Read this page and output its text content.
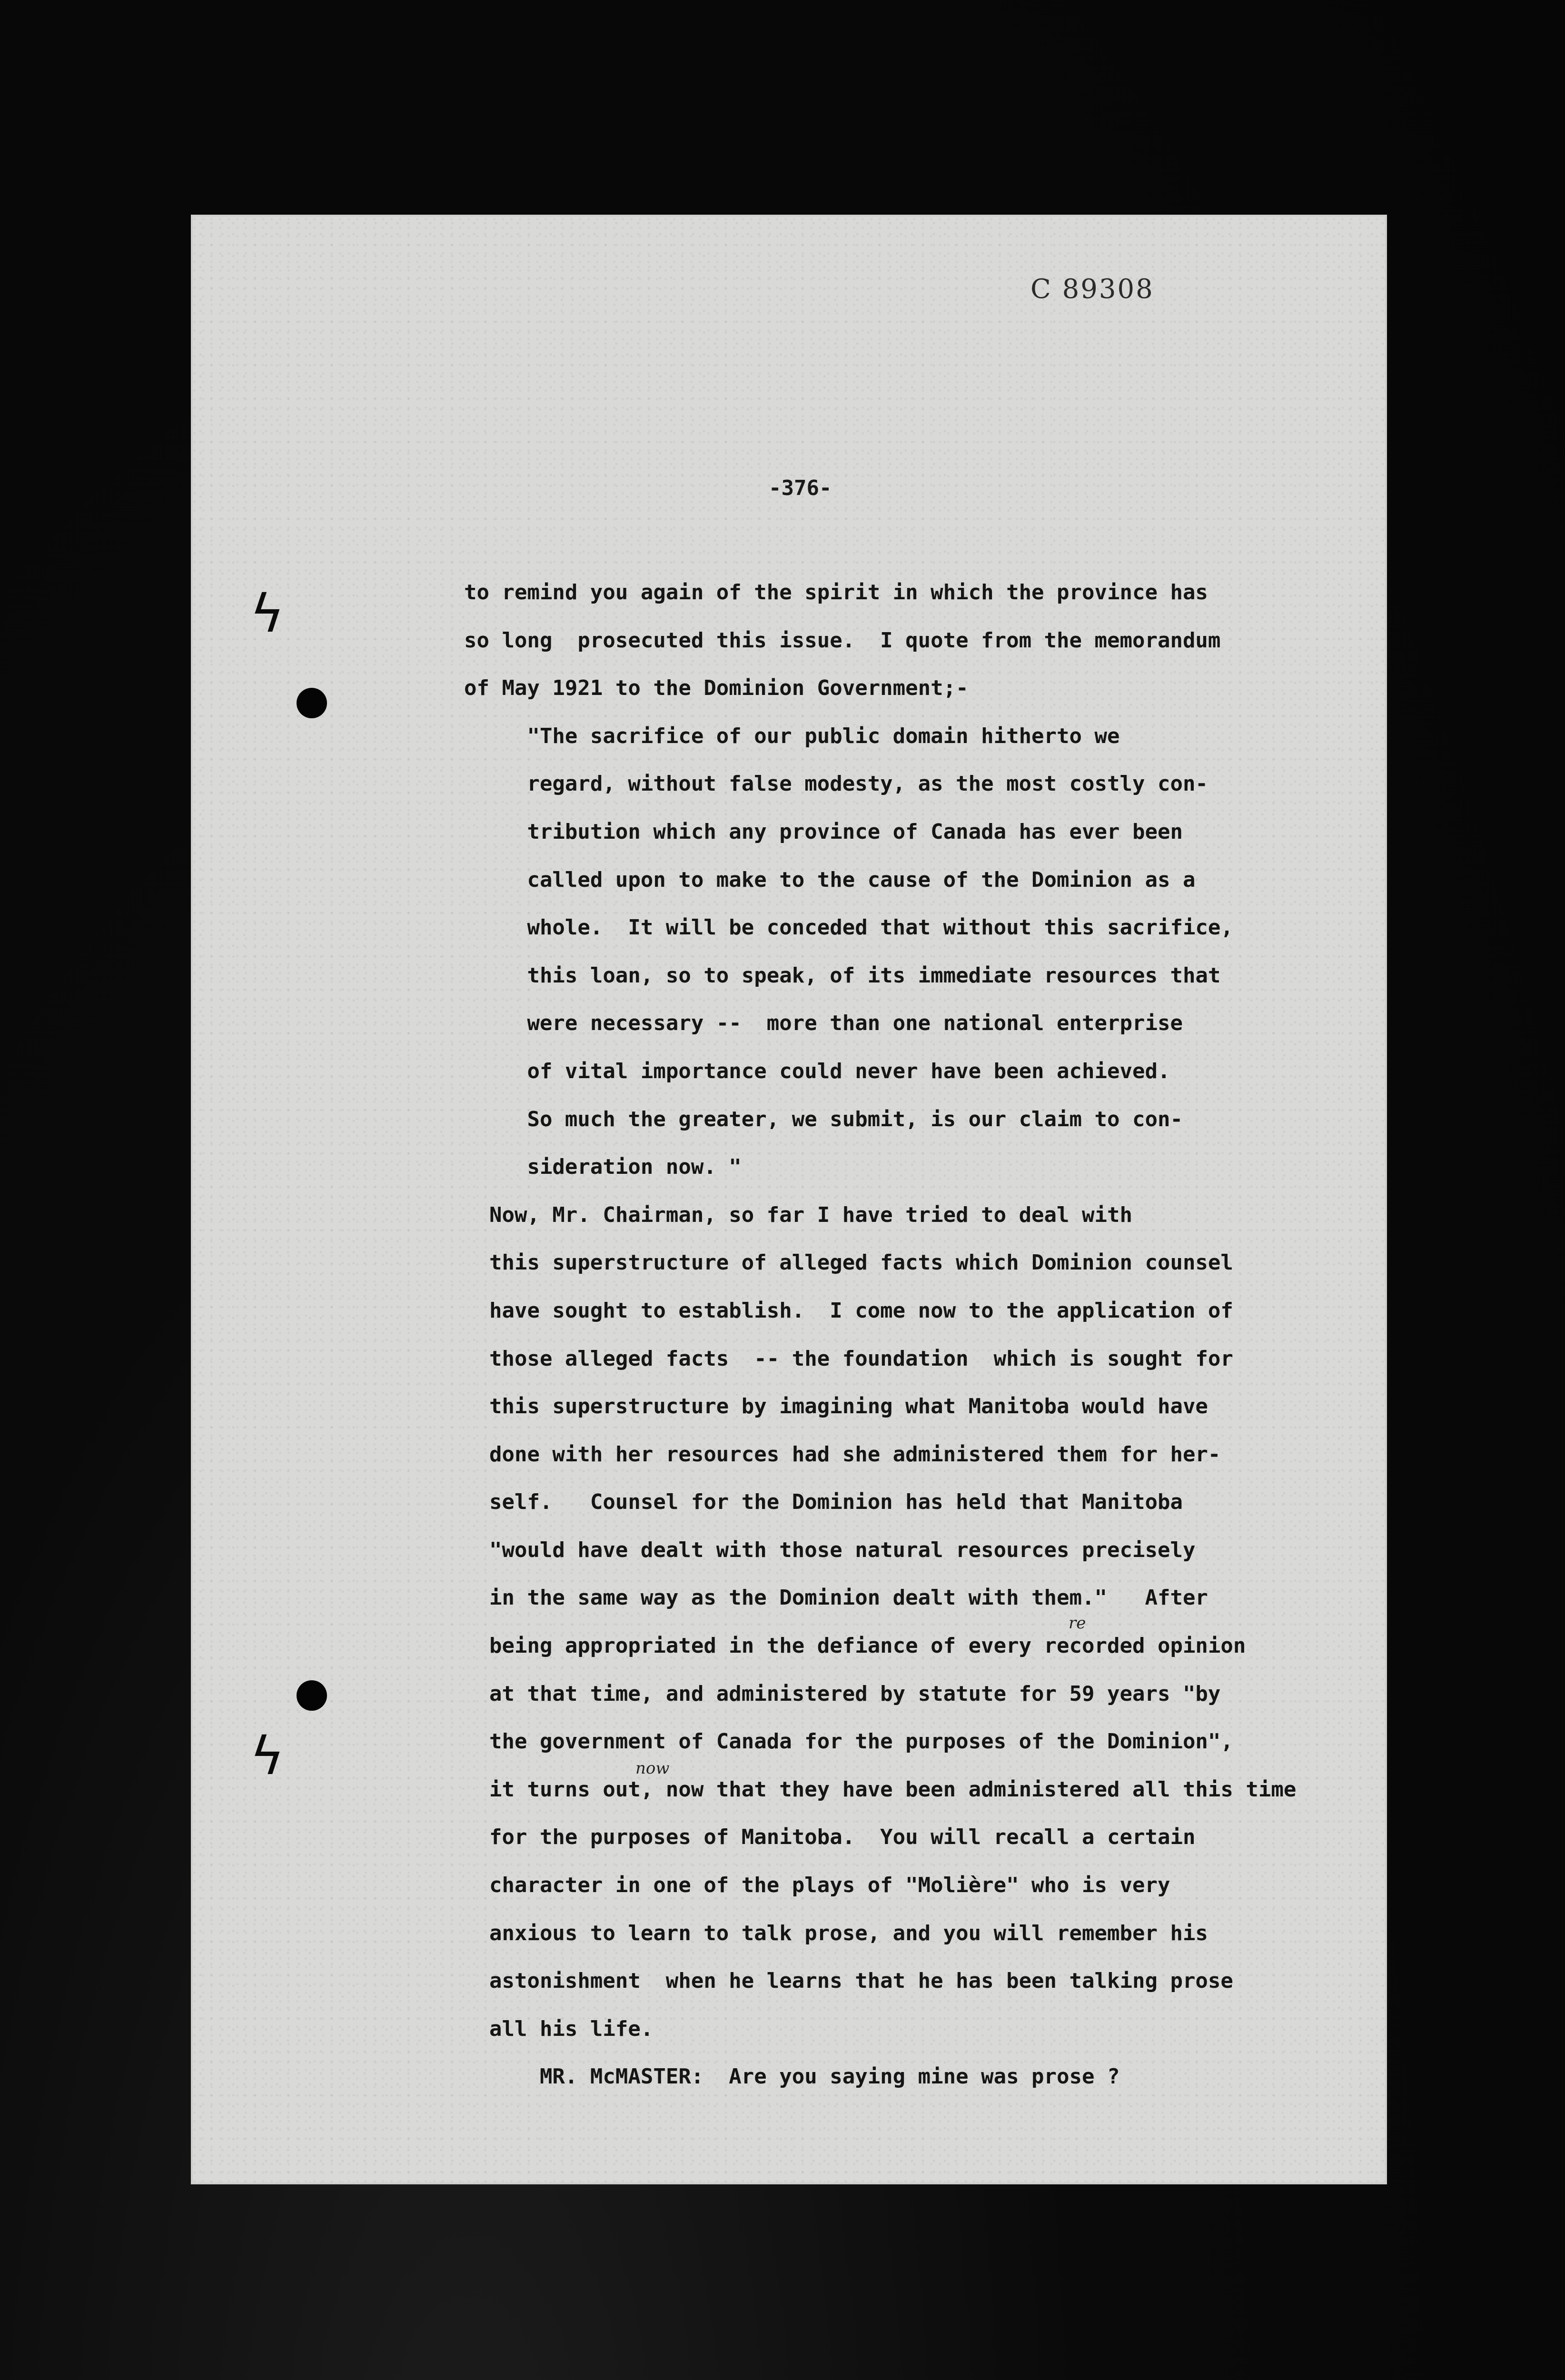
C 89308
-376-
ϟ
ϟ
re
now
to remind you again of the spirit in which the province has
so long  prosecuted this issue.  I quote from the memorandum
of May 1921 to the Dominion Government;-
"The sacrifice of our public domain hitherto we
regard, without false modesty, as the most costly con-
tribution which any province of Canada has ever been
called upon to make to the cause of the Dominion as a
whole.  It will be conceded that without this sacrifice,
this loan, so to speak, of its immediate resources that
were necessary --  more than one national enterprise
of vital importance could never have been achieved.
So much the greater, we submit, is our claim to con-
sideration now. "
Now, Mr. Chairman, so far I have tried to deal with
this superstructure of alleged facts which Dominion counsel
have sought to establish.  I come now to the application of
those alleged facts  -- the foundation  which is sought for
this superstructure by imagining what Manitoba would have
done with her resources had she administered them for her-
self.   Counsel for the Dominion has held that Manitoba
"would have dealt with those natural resources precisely
in the same way as the Dominion dealt with them."   After
being appropriated in the defiance of every recorded opinion
at that time, and administered by statute for 59 years "by
the government of Canada for the purposes of the Dominion",
it turns out, now that they have been administered all this time
for the purposes of Manitoba.  You will recall a certain
character in one of the plays of "Molière" who is very
anxious to learn to talk prose, and you will remember his
astonishment  when he learns that he has been talking prose
all his life.
MR. McMASTER:  Are you saying mine was prose ?
